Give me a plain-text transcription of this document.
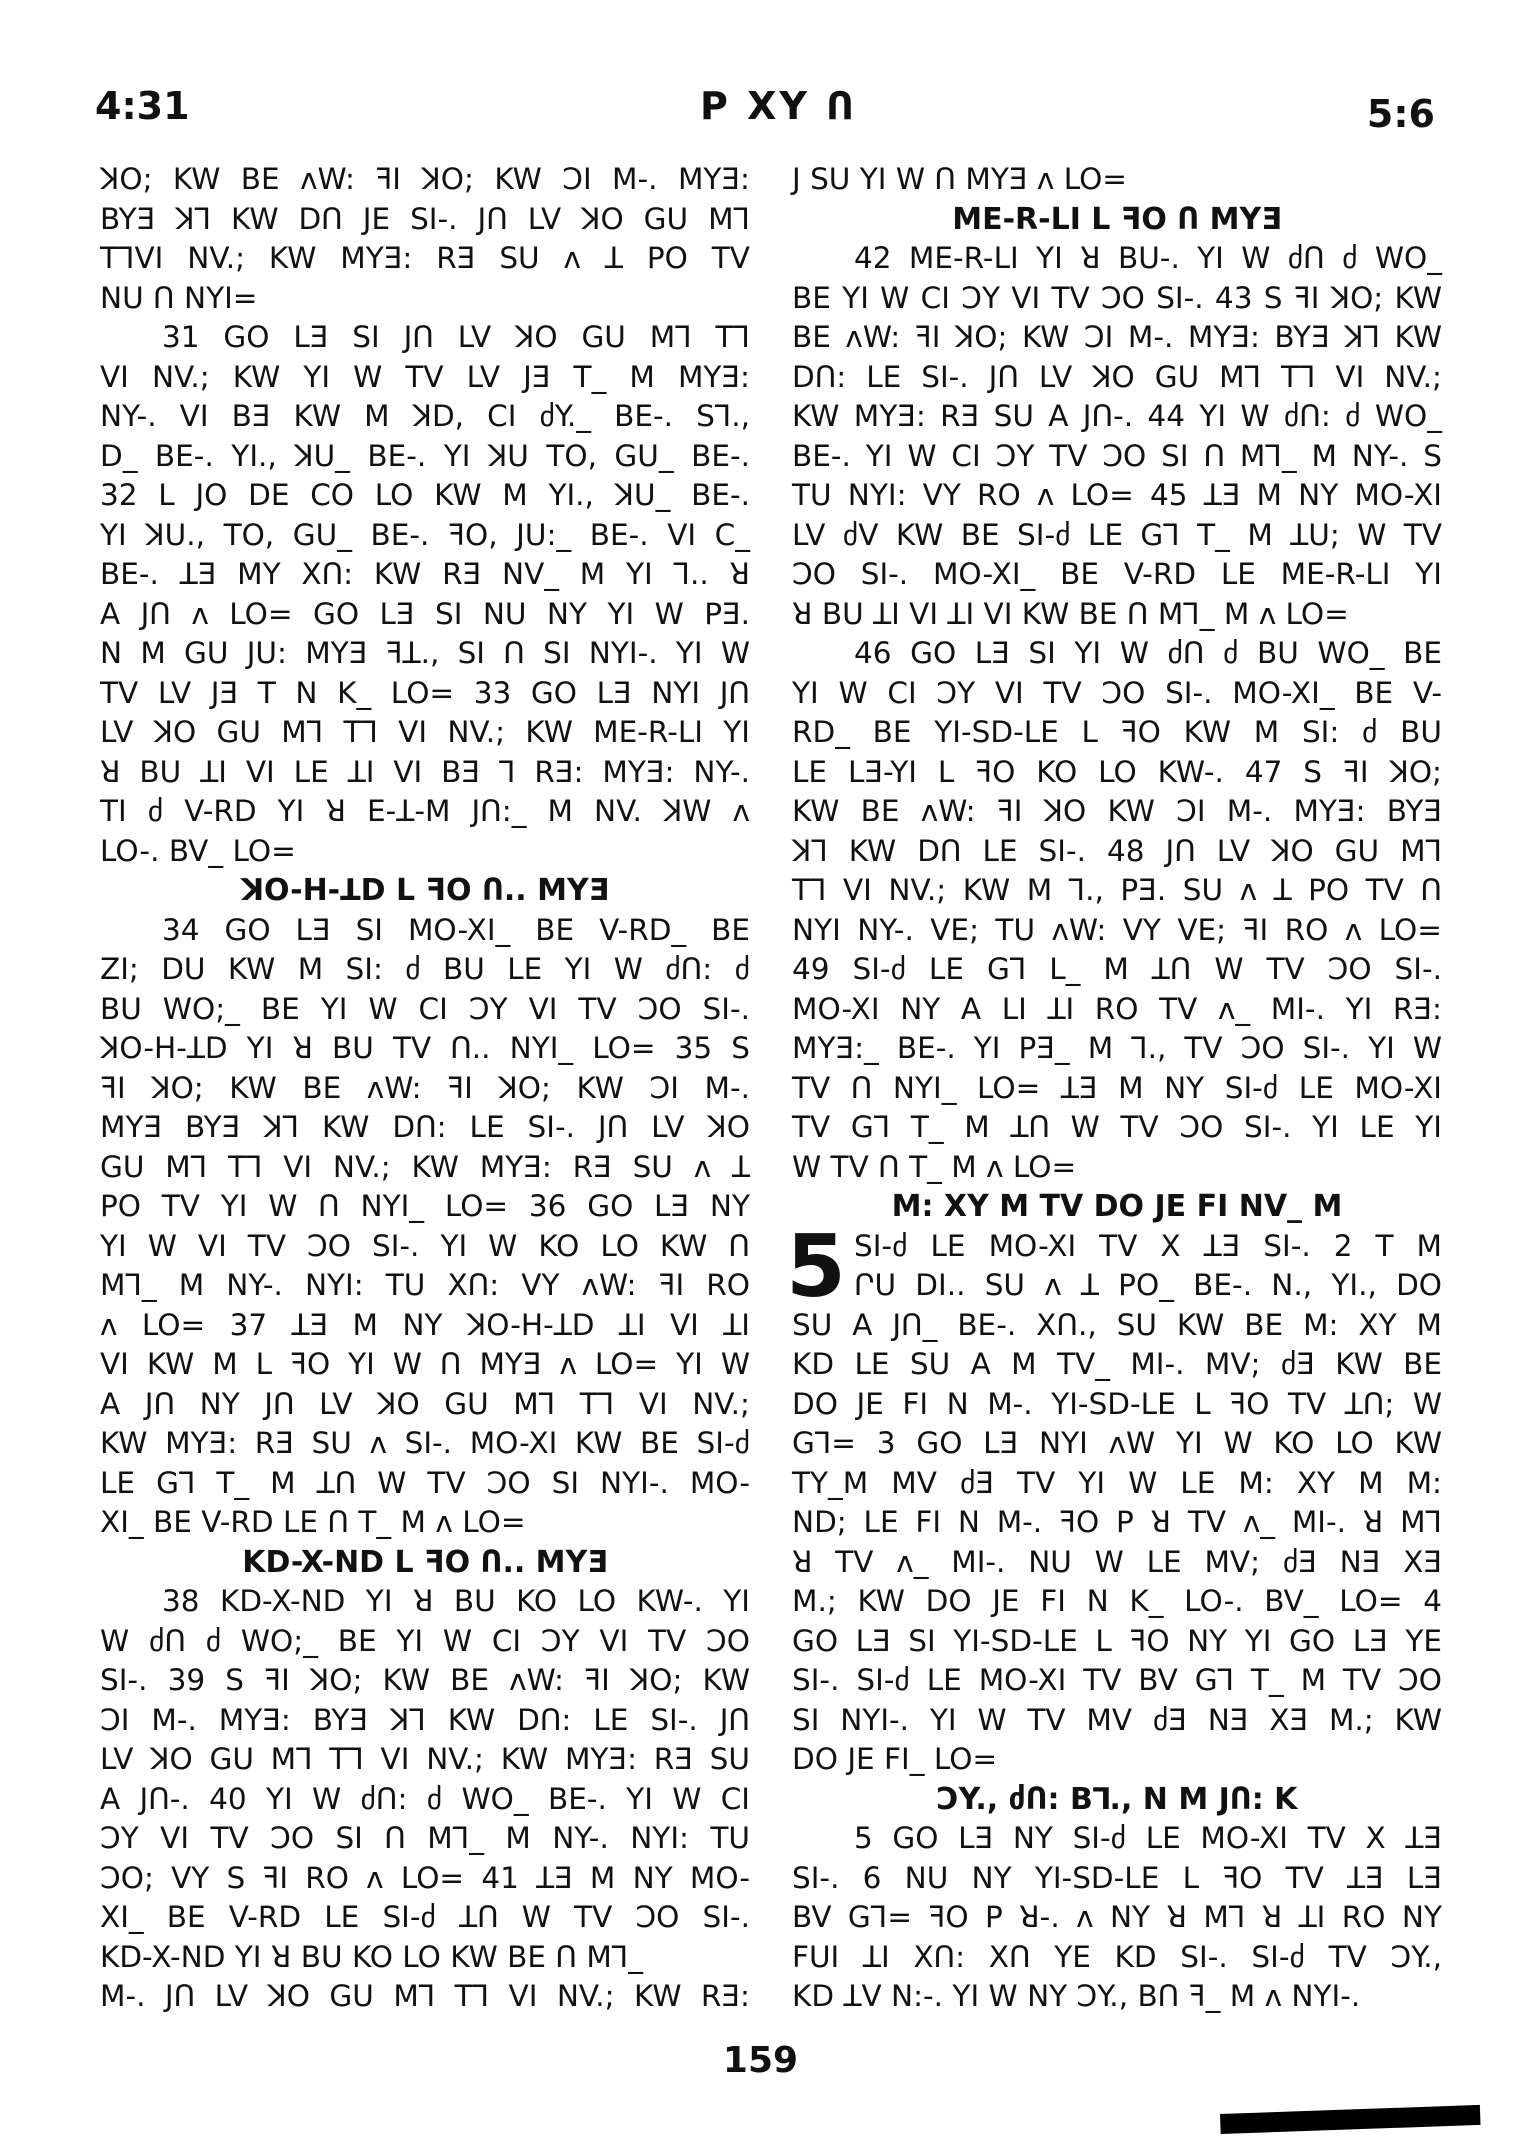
4:31	P XY Ո	5:6
ꓘO; KW BE ʌW: ꟻI ꓘO; KW ƆI M-. MYƎ:
BYƎ ꓘꓶ KW DՈ JE SI-. JՈ LV ꓘO GU Mꓶ
TꓶVI NV.; KW MYƎ: RƎ SU ʌ ꓕ PO TV
NU Ո NYI=
31 GO LƎ SI JՈ LV ꓘO GU Mꓶ Tꓶ
VI NV.; KW YI W TV LV JƎ T_ M MYƎ:
NY-. VI BƎ KW M ꓘD, CI ძY._ BE-. Sꓶ.,
D_ BE-. YI., ꓘU_ BE-. YI ꓘU TO, GU_ BE-.
32 L JO DE CO LO KW M YI., ꓘU_ BE-.
YI ꓘU., TO, GU_ BE-. ꟻO, JU:_ BE-. VI C_
BE-. ꓕƎ MY XՈ: KW RƎ NV_ M YI ꓶ.. ꓤ
A JՈ ʌ LO= GO LƎ SI NU NY YI W PƎ.
N M GU JU: MYƎ ꟻꓕ., SI Ո SI NYI-. YI W
TV LV JƎ T N K_ LO= 33 GO LƎ NYI JՈ
LV ꓘO GU Mꓶ Tꓶ VI NV.; KW ME-R-LI YI
ꓤ BU ꓕI VI LE ꓕI VI BƎ ꓶ RƎ: MYƎ: NY-.
TI ძ V-RD YI ꓤ E-ꓕ-M JՈ:_ M NV. ꓘW ʌ
LO-. BV_ LO=
ꓘO-H-ꓕD L ꟻO Ո.. MYƎ
34 GO LƎ SI MO-XI_ BE V-RD_ BE
ZI; DU KW M SI: ძ BU LE YI W ძՈ: ძ
BU WO;_ BE YI W CI ƆY VI TV ƆO SI-.
ꓘO-H-ꓕD YI ꓤ BU TV Ո.. NYI_ LO= 35 S
ꟻI ꓘO; KW BE ʌW: ꟻI ꓘO; KW ƆI M-.
MYƎ BYƎ ꓘꓶ KW DՈ: LE SI-. JՈ LV ꓘO
GU Mꓶ Tꓶ VI NV.; KW MYƎ: RƎ SU ʌ ꓕ
PO TV YI W Ո NYI_ LO= 36 GO LƎ NY
YI W VI TV ƆO SI-. YI W KO LO KW Ո
Mꓶ_ M NY-. NYI: TU XՈ: VY ʌW: ꟻI RO
ʌ LO= 37 ꓕƎ M NY ꓘO-H-ꓕD ꓕI VI ꓕI
VI KW M L ꟻO YI W Ո MYƎ ʌ LO= YI W
A JՈ NY JՈ LV ꓘO GU Mꓶ Tꓶ VI NV.;
KW MYƎ: RƎ SU ʌ SI-. MO-XI KW BE SI-ძ
LE Gꓶ T_ M ꓕՈ W TV ƆO SI NYI-. MO-
XI_ BE V-RD LE Ո T_ M ʌ LO=
KD-X-ND L ꟻO Ո.. MYƎ
38 KD-X-ND YI ꓤ BU KO LO KW-. YI
W ძՈ ძ WO;_ BE YI W CI ƆY VI TV ƆO
SI-. 39 S ꟻI ꓘO; KW BE ʌW: ꟻI ꓘO; KW
ƆI M-. MYƎ: BYƎ ꓘꓶ KW DՈ: LE SI-. JՈ
LV ꓘO GU Mꓶ Tꓶ VI NV.; KW MYƎ: RƎ SU
A JՈ-. 40 YI W ძՈ: ძ WO_ BE-. YI W CI
ƆY VI TV ƆO SI Ո Mꓶ_ M NY-. NYI: TU
ƆO; VY S ꟻI RO ʌ LO= 41 ꓕƎ M NY MO-
XI_ BE V-RD LE SI-ძ ꓕՈ W TV ƆO SI-.
KD-X-ND YI ꓤ BU KO LO KW BE Ո Mꓶ_
M-. JՈ LV ꓘO GU Mꓶ Tꓶ VI NV.; KW RƎ:
J SU YI W Ո MYƎ ʌ LO=
ME-R-LI L ꟻO Ո MYƎ
42 ME-R-LI YI ꓤ BU-. YI W ძՈ ძ WO_
BE YI W CI ƆY VI TV ƆO SI-. 43 S ꟻI ꓘO; KW
BE ʌW: ꟻI ꓘO; KW ƆI M-. MYƎ: BYƎ ꓘꓶ KW
DՈ: LE SI-. JՈ LV ꓘO GU Mꓶ Tꓶ VI NV.;
KW MYƎ: RƎ SU A JՈ-. 44 YI W ძՈ: ძ WO_
BE-. YI W CI ƆY TV ƆO SI Ո Mꓶ_ M NY-. S
TU NYI: VY RO ʌ LO= 45 ꓕƎ M NY MO-XI
LV ძV KW BE SI-ძ LE Gꓶ T_ M ꓕU; W TV
ƆO SI-. MO-XI_ BE V-RD LE ME-R-LI YI
ꓤ BU ꓕI VI ꓕI VI KW BE Ո Mꓶ_ M ʌ LO=
46 GO LƎ SI YI W ძՈ ძ BU WO_ BE
YI W CI ƆY VI TV ƆO SI-. MO-XI_ BE V-
RD_ BE YI-SD-LE L ꟻO KW M SI: ძ BU
LE LƎ-YI L ꟻO KO LO KW-. 47 S ꟻI ꓘO;
KW BE ʌW: ꟻI ꓘO KW ƆI M-. MYƎ: BYƎ
ꓘꓶ KW DՈ LE SI-. 48 JՈ LV ꓘO GU Mꓶ
Tꓶ VI NV.; KW M ꓶ., PƎ. SU ʌ ꓕ PO TV Ո
NYI NY-. VE; TU ʌW: VY VE; ꟻI RO ʌ LO=
49 SI-ძ LE Gꓶ L_ M ꓕՈ W TV ƆO SI-.
MO-XI NY A LI ꓕI RO TV ʌ_ MI-. YI RƎ:
MYƎ:_ BE-. YI PƎ_ M ꓶ., TV ƆO SI-. YI W
TV Ո NYI_ LO= ꓕƎ M NY SI-ძ LE MO-XI
TV Gꓶ T_ M ꓕՈ W TV ƆO SI-. YI LE YI
W TV Ո T_ M ʌ LO=
M: XY M TV DO JE FI NV_ M
5 SI-ძ LE MO-XI TV X ꓕƎ SI-. 2 T M
ՐU DI.. SU ʌ ꓕ PO_ BE-. N., YI., DO
SU A JՈ_ BE-. XՈ., SU KW BE M: XY M
KD LE SU A M TV_ MI-. MV; ძƎ KW BE
DO JE FI N M-. YI-SD-LE L ꟻO TV ꓕՈ; W
Gꓶ= 3 GO LƎ NYI ʌW YI W KO LO KW
TY_M MV ძƎ TV YI W LE M: XY M M:
ND; LE FI N M-. ꟻO P ꓤ TV ʌ_ MI-. ꓤ Mꓶ
ꓤ TV ʌ_ MI-. NU W LE MV; ძƎ NƎ XƎ
M.; KW DO JE FI N K_ LO-. BV_ LO= 4
GO LƎ SI YI-SD-LE L ꟻO NY YI GO LƎ YE
SI-. SI-ძ LE MO-XI TV BV Gꓶ T_ M TV ƆO
SI NYI-. YI W TV MV ძƎ NƎ XƎ M.; KW
DO JE FI_ LO=
ƆY., ძՈ: Bꓶ., N M JՈ: K
5 GO LƎ NY SI-ძ LE MO-XI TV X ꓕƎ
SI-. 6 NU NY YI-SD-LE L ꟻO TV ꓕƎ LƎ
BV Gꓶ= ꟻO P ꓤ-. ʌ NY ꓤ Mꓶ ꓤ ꓕI RO NY
FUI ꓕI XՈ: XՈ YE KD SI-. SI-ძ TV ƆY.,
KD ꓕV N:-. YI W NY ƆY., BՈ ꟻ_ M ʌ NYI-.
159
